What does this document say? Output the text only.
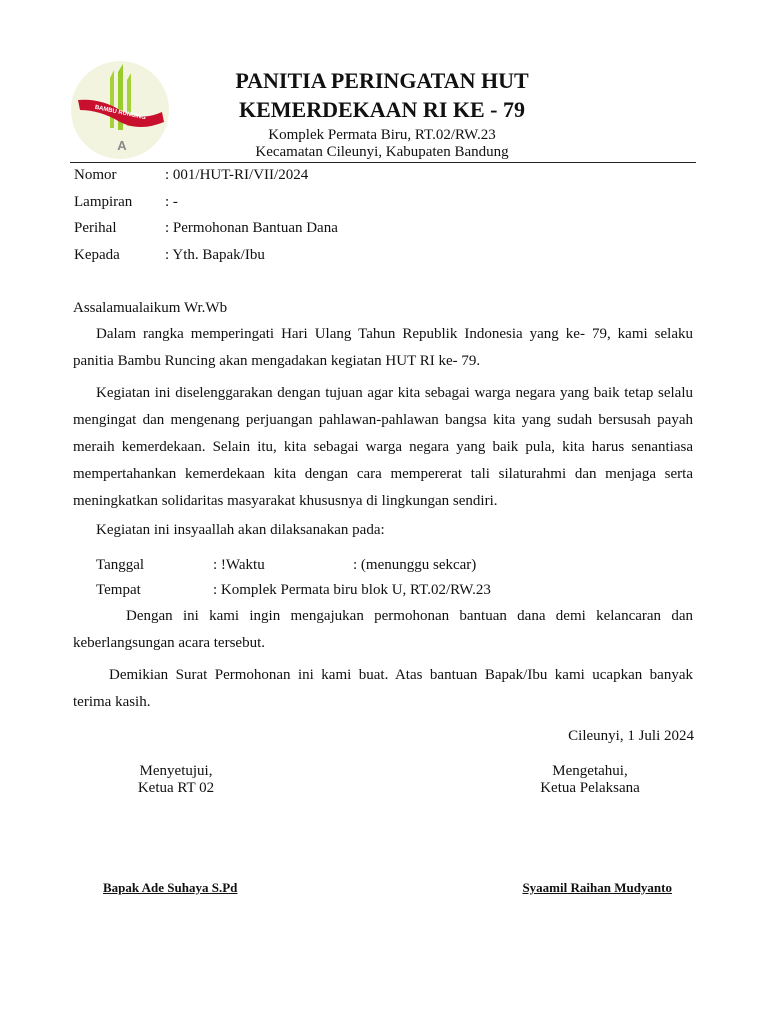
BAMBU RUNCING
A
PANITIA PERINGATAN HUT
KEMERDEKAAN RI KE - 79
Komplek Permata Biru, RT.02/RW.23
Kecamatan Cileunyi, Kabupaten Bandung
Nomor	: 001/HUT-RI/VII/2024
Lampiran : -
Perihal	: Permohonan Bantuan Dana
Kepada	: Yth. Bapak/Ibu
Assalamualaikum Wr.Wb
Dalam rangka memperingati Hari Ulang Tahun Republik Indonesia yang ke- 79, kami selaku panitia Bambu Runcing akan mengadakan kegiatan HUT RI ke- 79.
Kegiatan ini diselenggarakan dengan tujuan agar kita sebagai warga negara yang baik tetap selalu mengingat dan mengenang perjuangan pahlawan-pahlawan bangsa kita yang sudah bersusah payah meraih kemerdekaan. Selain itu, kita sebagai warga negara yang baik pula, kita harus senantiasa mempertahankan kemerdekaan kita dengan cara mempererat tali silaturahmi dan menjaga serta meningkatkan solidaritas masyarakat khususnya di lingkungan sendiri.
Kegiatan ini insyaallah akan dilaksanakan pada:
Tanggal	: !Waktu	: (menunggu sekcar)
Tempat	: Komplek Permata biru blok U, RT.02/RW.23
Dengan ini kami ingin mengajukan permohonan bantuan dana demi kelancaran dan keberlangsungan acara tersebut.
Demikian Surat Permohonan ini kami buat. Atas bantuan Bapak/Ibu kami ucapkan banyak terima kasih.
Cileunyi, 1 Juli 2024
Menyetujui,
Ketua RT 02
Mengetahui,
Ketua Pelaksana
Bapak Ade Suhaya S.Pd	Syaamil Raihan Mudyanto
